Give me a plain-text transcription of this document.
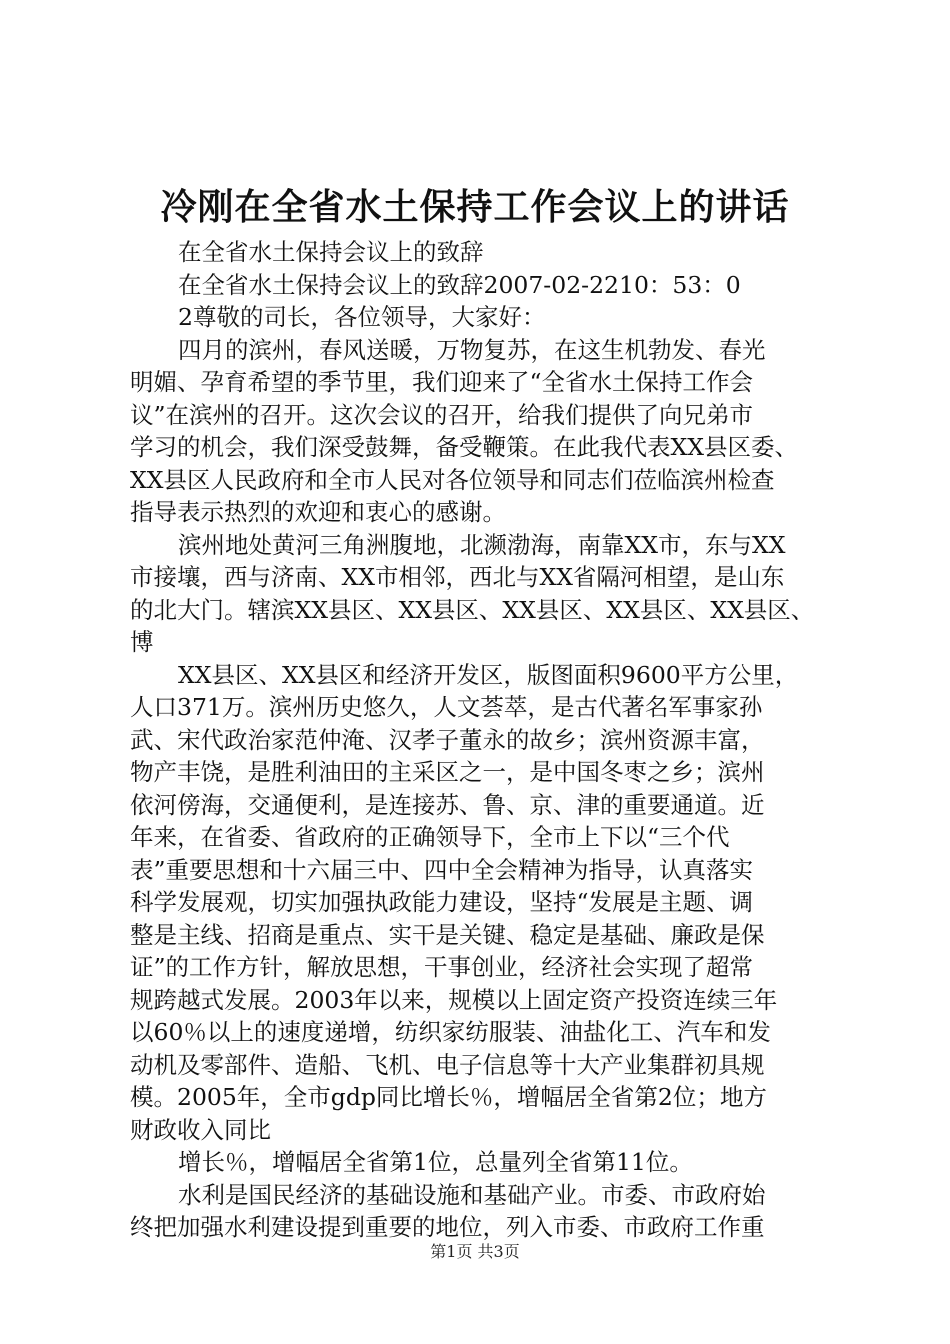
冷刚在全省水土保持工作会议上的讲话
在全省水土保持会议上的致辞
在全省水土保持会议上的致辞2007-02-2210：53：0
2尊敬的司长，各位领导，大家好：
四月的滨州，春风送暖，万物复苏，在这生机勃发、春光
明媚、孕育希望的季节里，我们迎来了“全省水土保持工作会
议”在滨州的召开。这次会议的召开，给我们提供了向兄弟市
学习的机会，我们深受鼓舞，备受鞭策。在此我代表XX县区委、
XX县区人民政府和全市人民对各位领导和同志们莅临滨州检查
指导表示热烈的欢迎和衷心的感谢。
滨州地处黄河三角洲腹地，北濒渤海，南靠XX市，东与XX
市接壤，西与济南、XX市相邻，西北与XX省隔河相望，是山东
的北大门。辖滨XX县区、XX县区、XX县区、XX县区、XX县区、
博
XX县区、XX县区和经济开发区，版图面积9600平方公里，
人口371万。滨州历史悠久，人文荟萃，是古代著名军事家孙
武、宋代政治家范仲淹、汉孝子董永的故乡；滨州资源丰富，
物产丰饶，是胜利油田的主采区之一，是中国冬枣之乡；滨州
依河傍海，交通便利，是连接苏、鲁、京、津的重要通道。近
年来，在省委、省政府的正确领导下，全市上下以“三个代
表”重要思想和十六届三中、四中全会精神为指导，认真落实
科学发展观，切实加强执政能力建设，坚持“发展是主题、调
整是主线、招商是重点、实干是关键、稳定是基础、廉政是保
证”的工作方针，解放思想，干事创业，经济社会实现了超常
规跨越式发展。2003年以来，规模以上固定资产投资连续三年
以60％以上的速度递增，纺织家纺服装、油盐化工、汽车和发
动机及零部件、造船、飞机、电子信息等十大产业集群初具规
模。2005年，全市gdp同比增长％，增幅居全省第2位；地方
财政收入同比
增长％，增幅居全省第1位，总量列全省第11位。
水利是国民经济的基础设施和基础产业。市委、市政府始
终把加强水利建设提到重要的地位，列入市委、市政府工作重
第1页 共3页
